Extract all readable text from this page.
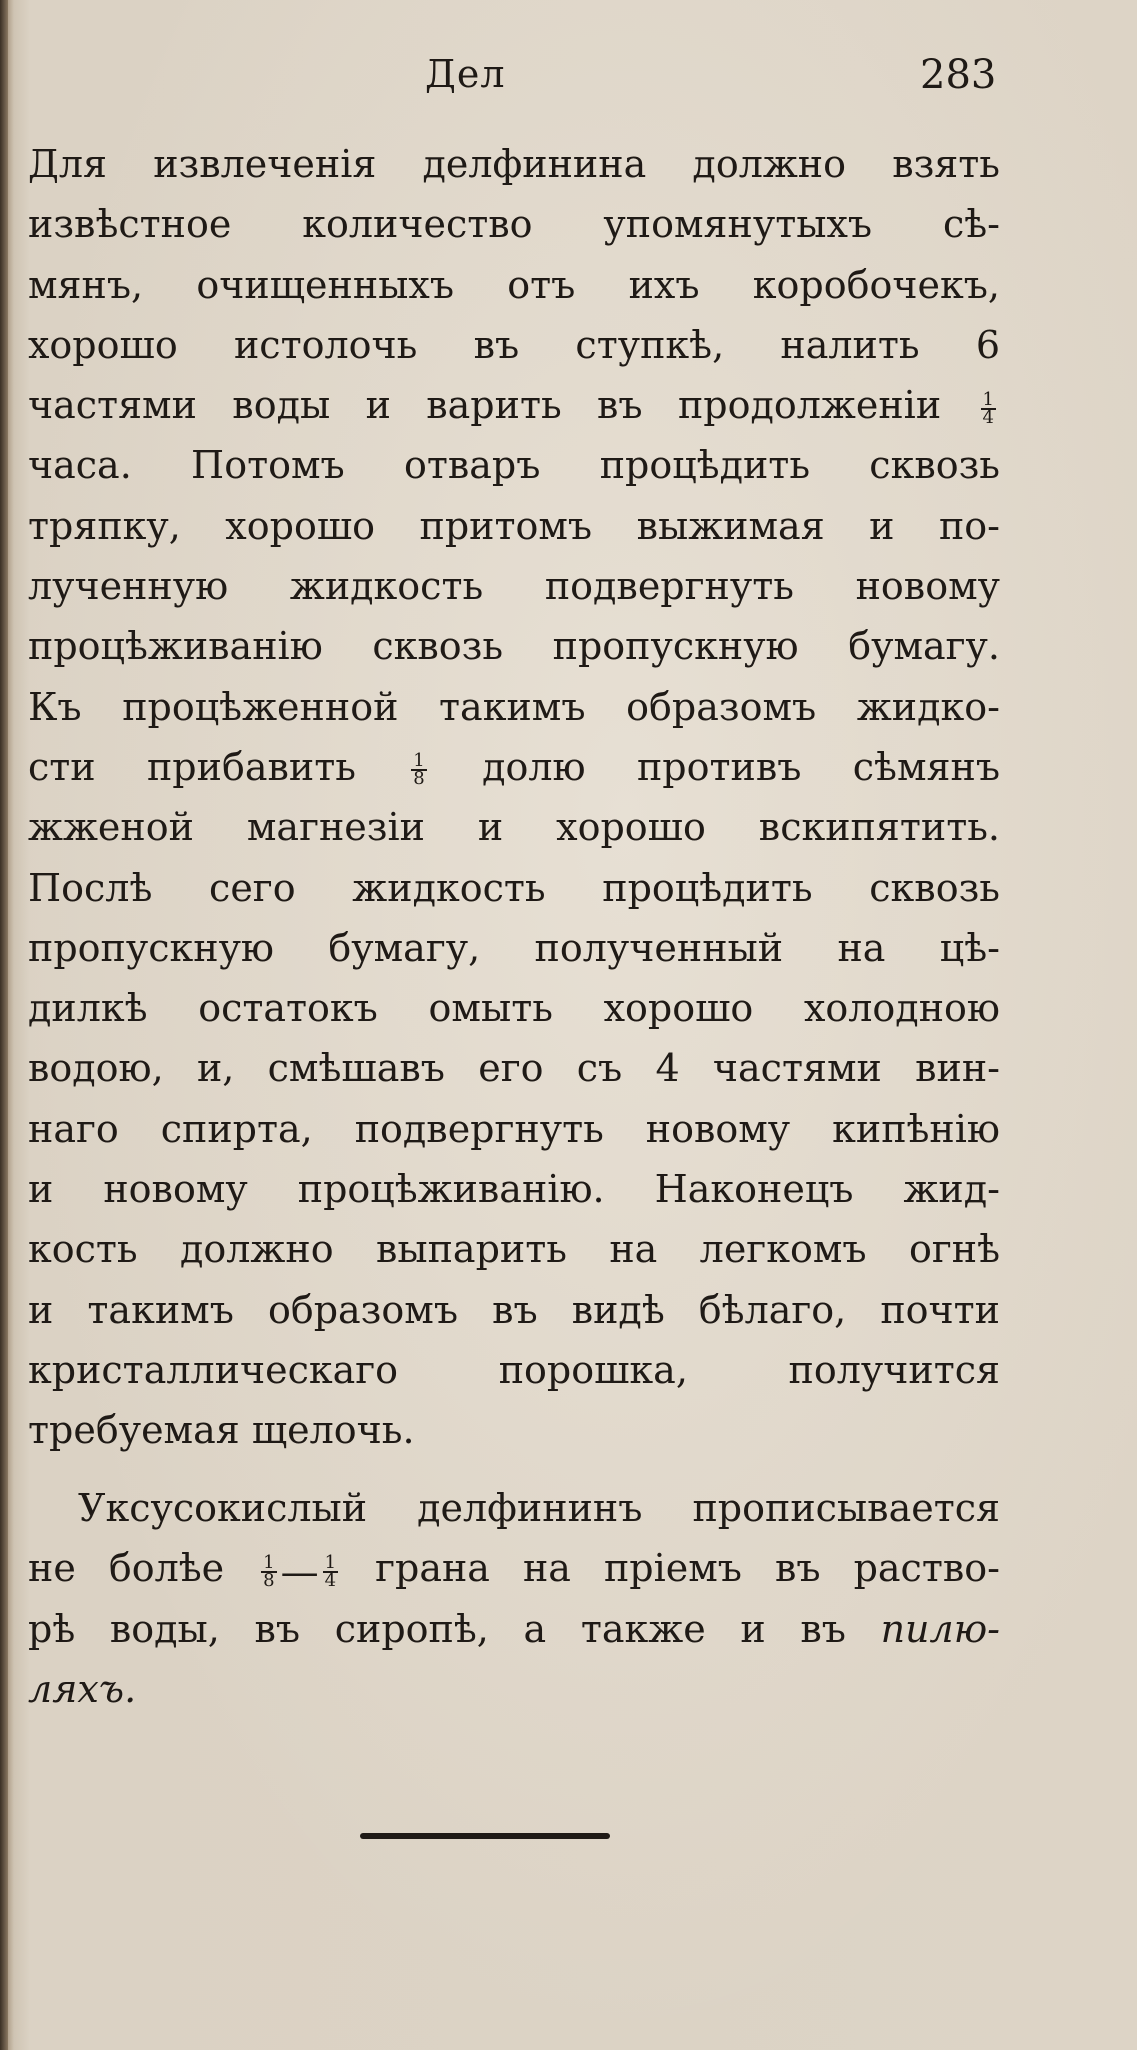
Дел	283
Для извлеченія делфинина должно взять
извѣстное количество упомянутыхъ сѣ-
мянъ, очищенныхъ отъ ихъ коробочекъ,
хорошо истолочь въ ступкѣ, налить 6
частями воды и варить въ продолженіи $\frac{1}{4}$
часа. Потомъ отваръ процѣдить сквозь
тряпку, хорошо притомъ выжимая и по-
лученную жидкость подвергнуть новому
процѣживанію сквозь пропускную бумагу.
Къ процѣженной такимъ образомъ жидко-
сти прибавить	$\frac{1}{8}$ долю противъ сѣмянъ
жженой магнезіи и хорошо вскипятить.
Послѣ сего жидкость процѣдить сквозь
пропускную бумагу, полученный на цѣ-
дилкѣ остатокъ омыть хорошо холодною
водою, и, смѣшавъ его съ 4 частями вин-
наго спирта, подвергнуть новому кипѣнію
и новому процѣживанію. Наконецъ жид-
кость должно выпарить на легкомъ огнѣ
и такимъ образомъ въ видѣ бѣлаго, почти
кристаллическаго порошка, получится
требуемая щелочь.
Уксусокислый делфининъ прописывается
не болѣе $\frac{1}{8}$ — $\frac{1}{4}$ грана на пріемъ въ раство-
рѣ воды, въ сиропѣ, а также и въ пилю-
ляхъ.
